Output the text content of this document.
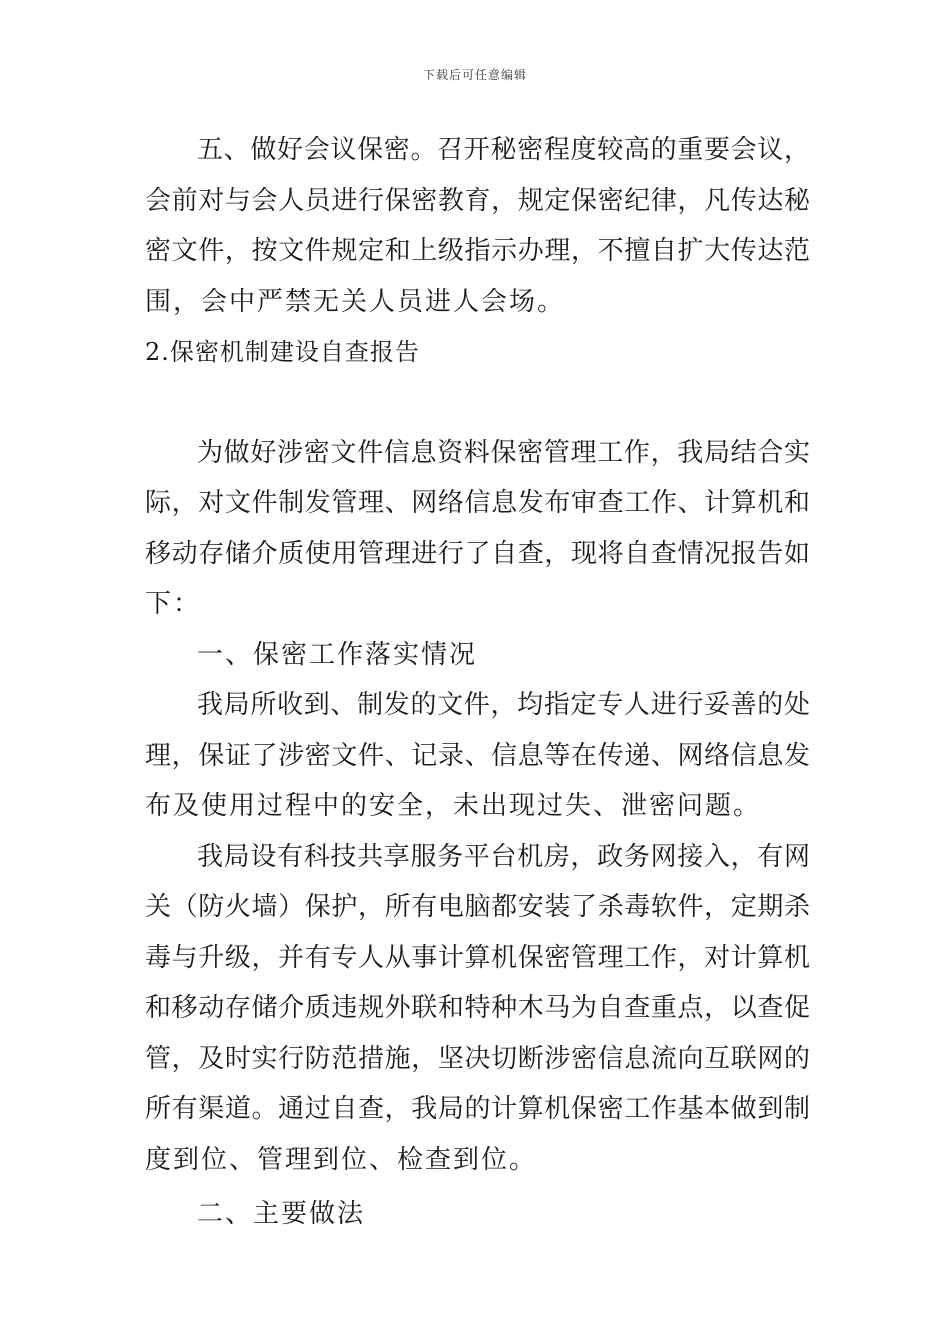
下载后可任意编辑
五、做好会议保密。召开秘密程度较高的重要会议，
会前对与会人员进行保密教育，规定保密纪律，凡传达秘
密文件，按文件规定和上级指示办理，不擅自扩大传达范
围，会中严禁无关人员进人会场。
2.保密机制建设自查报告
为做好涉密文件信息资料保密管理工作，我局结合实
际，对文件制发管理、网络信息发布审查工作、计算机和
移动存储介质使用管理进行了自查，现将自查情况报告如
下：
一、保密工作落实情况
我局所收到、制发的文件，均指定专人进行妥善的处
理，保证了涉密文件、记录、信息等在传递、网络信息发
布及使用过程中的安全，未出现过失、泄密问题。
我局设有科技共享服务平台机房，政务网接入，有网
关（防火墙）保护，所有电脑都安装了杀毒软件，定期杀
毒与升级，并有专人从事计算机保密管理工作，对计算机
和移动存储介质违规外联和特种木马为自查重点，以查促
管，及时实行防范措施，坚决切断涉密信息流向互联网的
所有渠道。通过自查，我局的计算机保密工作基本做到制
度到位、管理到位、检查到位。
二、主要做法
